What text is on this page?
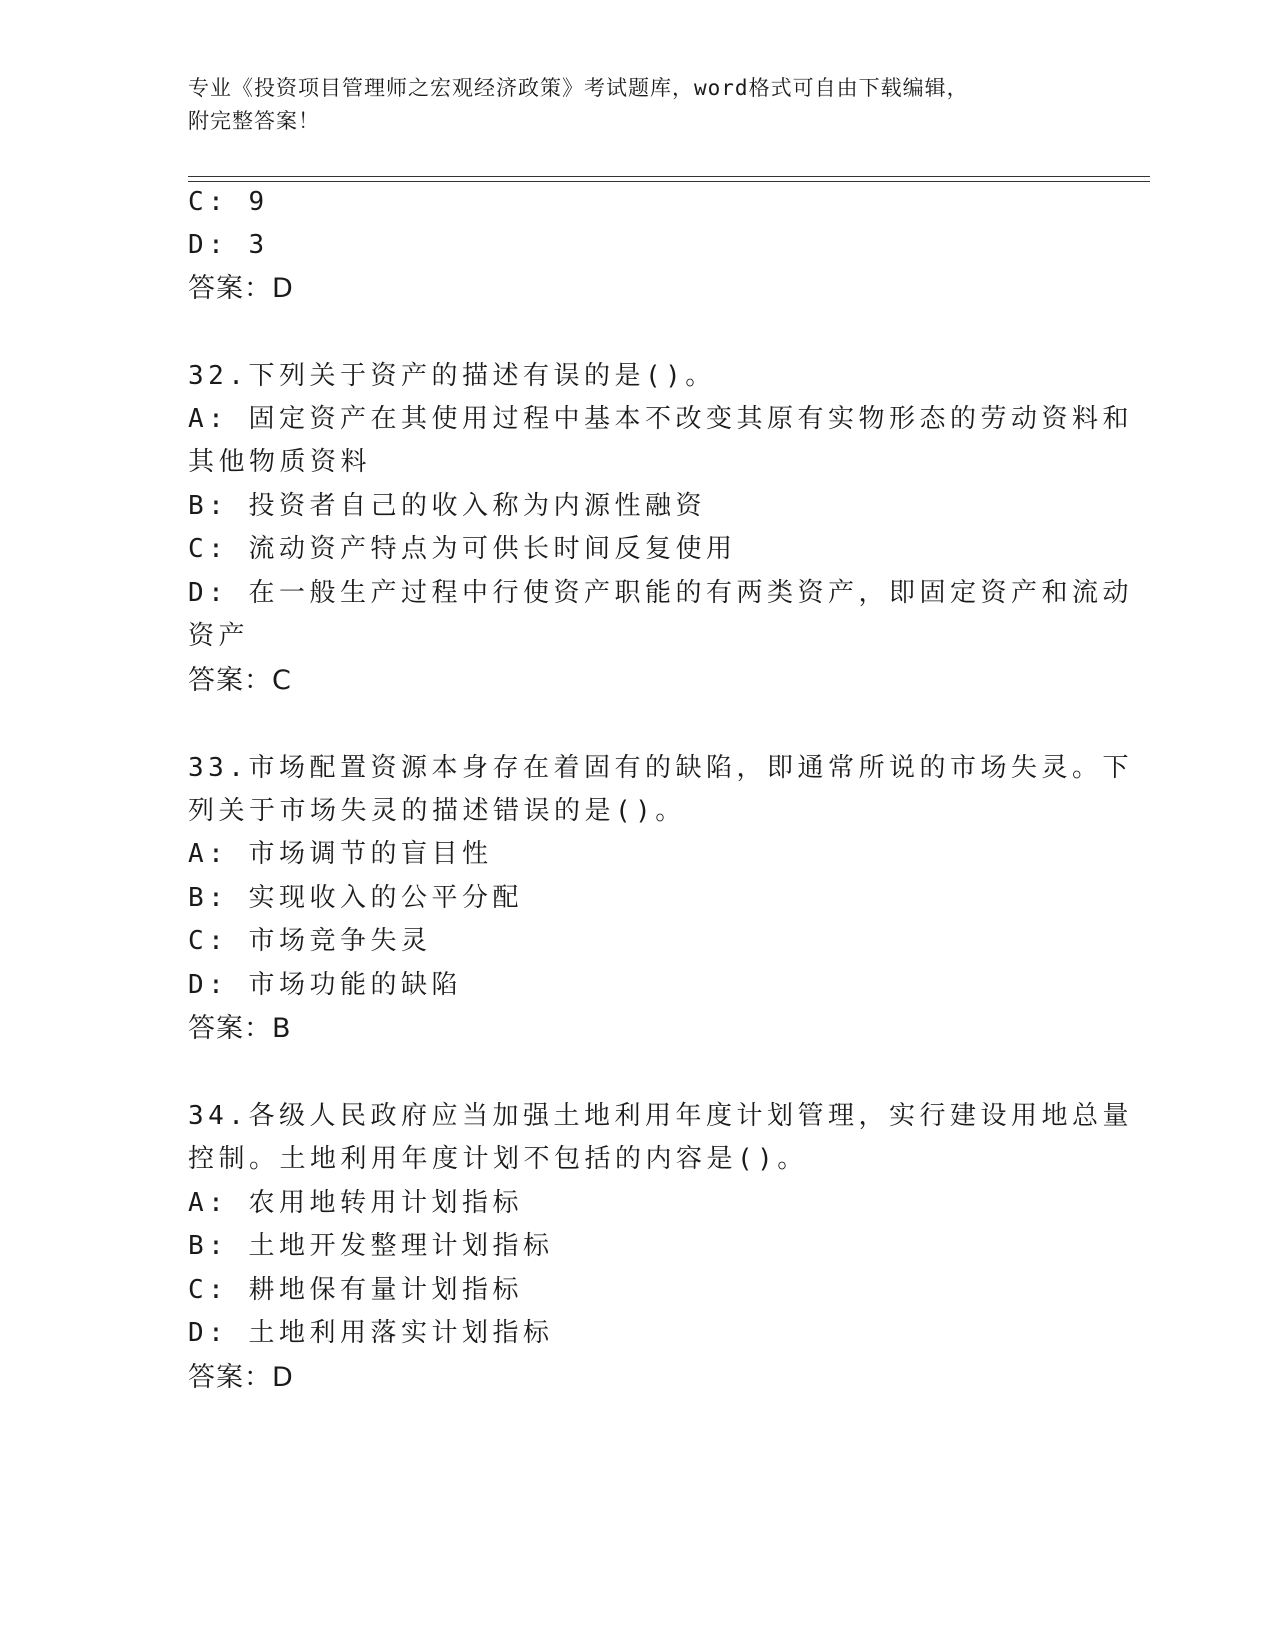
专业《投资项目管理师之宏观经济政策》考试题库，word格式可自由下载编辑，
附完整答案！
C: 9
D: 3
答案：D
32.下列关于资产的描述有误的是()。
A: 固定资产在其使用过程中基本不改变其原有实物形态的劳动资料和
其他物质资料
B: 投资者自己的收入称为内源性融资
C: 流动资产特点为可供长时间反复使用
D: 在一般生产过程中行使资产职能的有两类资产，即固定资产和流动
资产
答案：C
33.市场配置资源本身存在着固有的缺陷，即通常所说的市场失灵。下
列关于市场失灵的描述错误的是()。
A: 市场调节的盲目性
B: 实现收入的公平分配
C: 市场竞争失灵
D: 市场功能的缺陷
答案：B
34.各级人民政府应当加强土地利用年度计划管理，实行建设用地总量
控制。土地利用年度计划不包括的内容是()。
A: 农用地转用计划指标
B: 土地开发整理计划指标
C: 耕地保有量计划指标
D: 土地利用落实计划指标
答案：D
